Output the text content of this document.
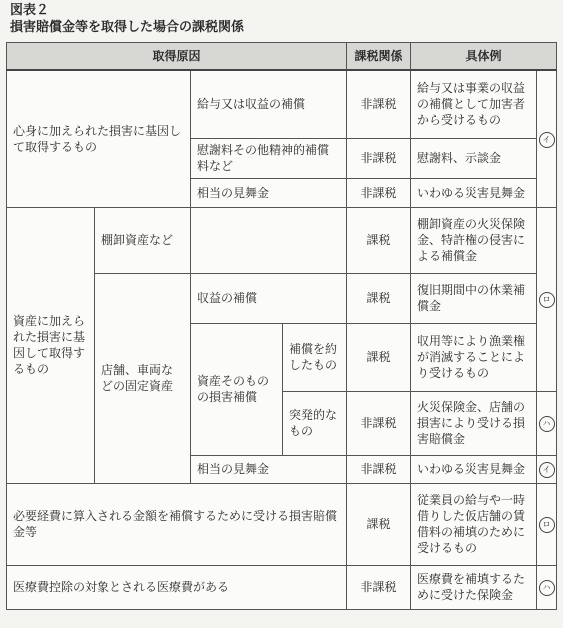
図表２
損害賠償金等を取得した場合の課税関係
取得原因				課税関係	具体例	
心身に加えられた損害に基因して取得するもの		給与又は収益の補償		非課税	給与又は事業の収益の補償として加害者から受けるもの	イ
		慰謝料その他精神的補償料など		非課税	慰謝料、示談金	
		相当の見舞金		非課税	いわゆる災害見舞金	
資産に加えられた損害に基因して取得するもの	棚卸資産など			課税	棚卸資産の火災保険金、特許権の侵害による補償金	ロ
	店舗、車両などの固定資産	収益の補償		課税	復旧期間中の休業補償金	
		資産そのものの損害補償	補償を約したもの	課税	収用等により漁業権が消滅することにより受けるもの	
			突発的なもの	非課税	火災保険金、店舗の損害により受ける損害賠償金	ハ
		相当の見舞金		非課税	いわゆる災害見舞金	イ
必要経費に算入される金額を補償するために受ける損害賠償金等				課税	従業員の給与や一時借りした仮店舗の賃借料の補填のために受けるもの	ロ
医療費控除の対象とされる医療費がある				非課税	医療費を補填するために受けた保険金	ハ
